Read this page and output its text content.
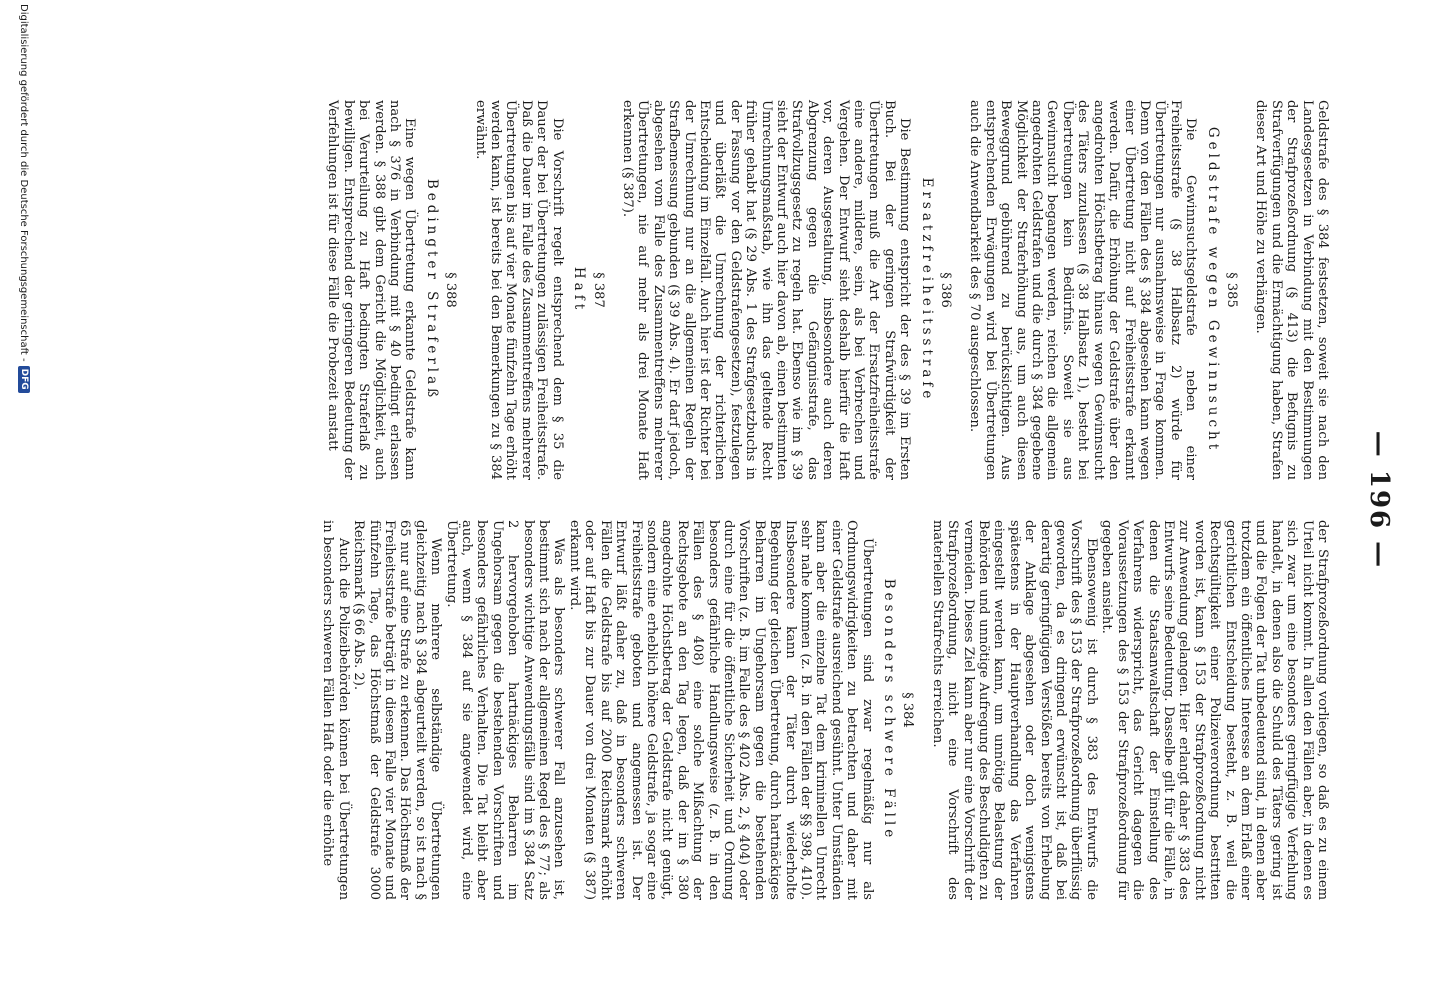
— 196 —

Geldstrafe des § 384 festsetzen, soweit sie nach den Landesgesetzen in Verbindung mit den Bestimmungen der Strafprozeßordnung (§ 413) die Befugnis zu Strafverfügungen und die Ermächtigung haben, Strafen dieser Art und Höhe zu verhängen.

§ 385
Geldstrafe wegen Gewinnsucht

Die Gewinnsuchtsgeldstrafe neben einer Freiheitsstrafe (§ 38 Halbsatz 2) würde für Übertretungen nur ausnahmsweise in Frage kommen. Denn von den Fällen des § 384 abgesehen kann wegen einer Übertretung nicht auf Freiheitsstrafe erkannt werden. Dafür, die Erhöhung der Geldstrafe über den angedrohten Höchstbetrag hinaus wegen Gewinnsucht des Täters zuzulassen (§ 38 Halbsatz 1), besteht bei Übertretungen kein Bedürfnis. Soweit sie aus Gewinnsucht begangen werden, reichen die allgemein angedrohten Geldstrafen und die durch § 384 gegebene Möglichkeit der Straferhöhung aus, um auch diesen Beweggrund gebührend zu berücksichtigen. Aus entsprechenden Erwägungen wird bei Übertretungen auch die Anwendbarkeit des § 70 ausgeschlossen.

§ 386
Ersatzfreiheitsstrafe

Die Bestimmung entspricht der des § 39 im Ersten Buch. Bei der geringen Strafwürdigkeit der Übertretungen muß die Art der Ersatzfreiheitsstrafe eine andere, mildere, sein, als bei Verbrechen und Vergehen. Der Entwurf sieht deshalb hierfür die Haft vor, deren Ausgestaltung, insbesondere auch deren Abgrenzung gegen die Gefängnisstrafe, das Strafvollzugsgesetz zu regeln hat. Ebenso wie im § 39 sieht der Entwurf auch hier davon ab, einen bestimmten Umrechnungsmaßstab, wie ihn das geltende Recht früher gehabt hat (§ 29 Abs. 1 des Strafgesetzbuchs in der Fassung vor den Geldstrafengesetzen), festzulegen und überläßt die Umrechnung der richterlichen Entscheidung im Einzelfall. Auch hier ist der Richter bei der Umrechnung nur an die allgemeinen Regeln der Strafbemessung gebunden (§ 39 Abs. 4). Er darf jedoch, abgesehen vom Falle des Zusammentreffens mehrerer Übertretungen, nie auf mehr als drei Monate Haft erkennen (§ 387).

§ 387
Haft

Die Vorschrift regelt entsprechend dem § 35 die Dauer der bei Übertretungen zulässigen Freiheitsstrafe. Daß die Dauer im Falle des Zusammentreffens mehrerer Übertretungen bis auf vier Monate fünfzehn Tage erhöht werden kann, ist bereits bei den Bemerkungen zu § 384 erwähnt.

§ 388
Bedingter Straferlaß

Eine wegen Übertretung erkannte Geldstrafe kann nach § 376 in Verbindung mit § 40 bedingt erlassen werden. § 388 gibt dem Gericht die Möglichkeit, auch bei Verurteilung zu Haft bedingten Straferlaß zu bewilligen. Entsprechend der geringeren Bedeutung der Verfehlungen ist für diese Fälle die Probezeit anstatt

der Strafprozeßordnung vorliegen, so daß es zu einem Urteil nicht kommt. In allen den Fällen aber, in denen es sich zwar um eine besonders geringfügige Verfehlung handelt, in denen also die Schuld des Täters gering ist und die Folgen der Tat unbedeutend sind, in denen aber trotzdem ein öffentliches Interesse an dem Erlaß einer gerichtlichen Entscheidung besteht, z. B. weil die Rechtsgültigkeit einer Polizeiverordnung bestritten worden ist, kann § 153 der Strafprozeßordnung nicht zur Anwendung gelangen. Hier erlangt daher § 383 des Entwurfs seine Bedeutung. Dasselbe gilt für die Fälle, in denen die Staatsanwaltschaft der Einstellung des Verfahrens widerspricht, das Gericht dagegen die Voraussetzungen des § 153 der Strafprozeßordnung für gegeben ansieht.

Ebensowenig ist durch § 383 des Entwurfs die Vorschrift des § 153 der Strafprozeßordnung überflüssig geworden, da es dringend erwünscht ist, daß bei derartig geringfügigen Verstößen bereits von Erhebung der Anklage abgesehen oder doch wenigstens spätestens in der Hauptverhandlung das Verfahren eingestellt werden kann, um unnötige Belastung der Behörden und unnötige Aufregung des Beschuldigten zu vermeiden. Dieses Ziel kann aber nur eine Vorschrift der Strafprozeßordnung, nicht eine Vorschrift des materiellen Strafrechts erreichen.

§ 384
Besonders schwere Fälle

Übertretungen sind zwar regelmäßig nur als Ordnungswidrigkeiten zu betrachten und daher mit einer Geldstrafe ausreichend gesühnt. Unter Umständen kann aber die einzelne Tat dem kriminellen Unrecht sehr nahe kommen (z. B. in den Fällen der §§ 398, 410). Insbesondere kann der Täter durch wiederholte Begehung der gleichen Übertretung, durch hartnäckiges Beharren im Ungehorsam gegen die bestehenden Vorschriften (z. B. im Falle des § 402 Abs. 2, § 404) oder durch eine für die öffentliche Sicherheit und Ordnung besonders gefährliche Handlungsweise (z. B. in den Fällen des § 408) eine solche Mißachtung der Rechtsgebote an den Tag legen, daß der im § 380 angedrohte Höchstbetrag der Geldstrafe nicht genügt, sondern eine erheblich höhere Geldstrafe, ja sogar eine Freiheitsstrafe geboten und angemessen ist. Der Entwurf läßt daher zu, daß in besonders schweren Fällen die Geldstrafe bis auf 2000 Reichsmark erhöht oder auf Haft bis zur Dauer von drei Monaten (§ 387) erkannt wird.

Was als besonders schwerer Fall anzusehen ist, bestimmt sich nach der allgemeinen Regel des § 77; als besonders wichtige Anwendungsfälle sind im § 384 Satz 2 hervorgehoben hartnäckiges Beharren im Ungehorsam gegen die bestehenden Vorschriften und besonders gefährliches Verhalten. Die Tat bleibt aber auch, wenn § 384 auf sie angewendet wird, eine Übertretung.

Wenn mehrere selbständige Übertretungen gleichzeitig nach § 384 abgeurteilt werden, so ist nach § 65 nur auf eine Strafe zu erkennen. Das Höchstmaß der Freiheitsstrafe beträgt in diesem Falle vier Monate und fünfzehn Tage, das Höchstmaß der Geldstrafe 3000 Reichsmark (§ 66 Abs. 2).

Auch die Polizeibehörden können bei Übertretungen in besonders schweren Fällen Haft oder die erhöhte

Digitalisierung gefördert durch die Deutsche Forschungsgemeinschaft -
DFG
